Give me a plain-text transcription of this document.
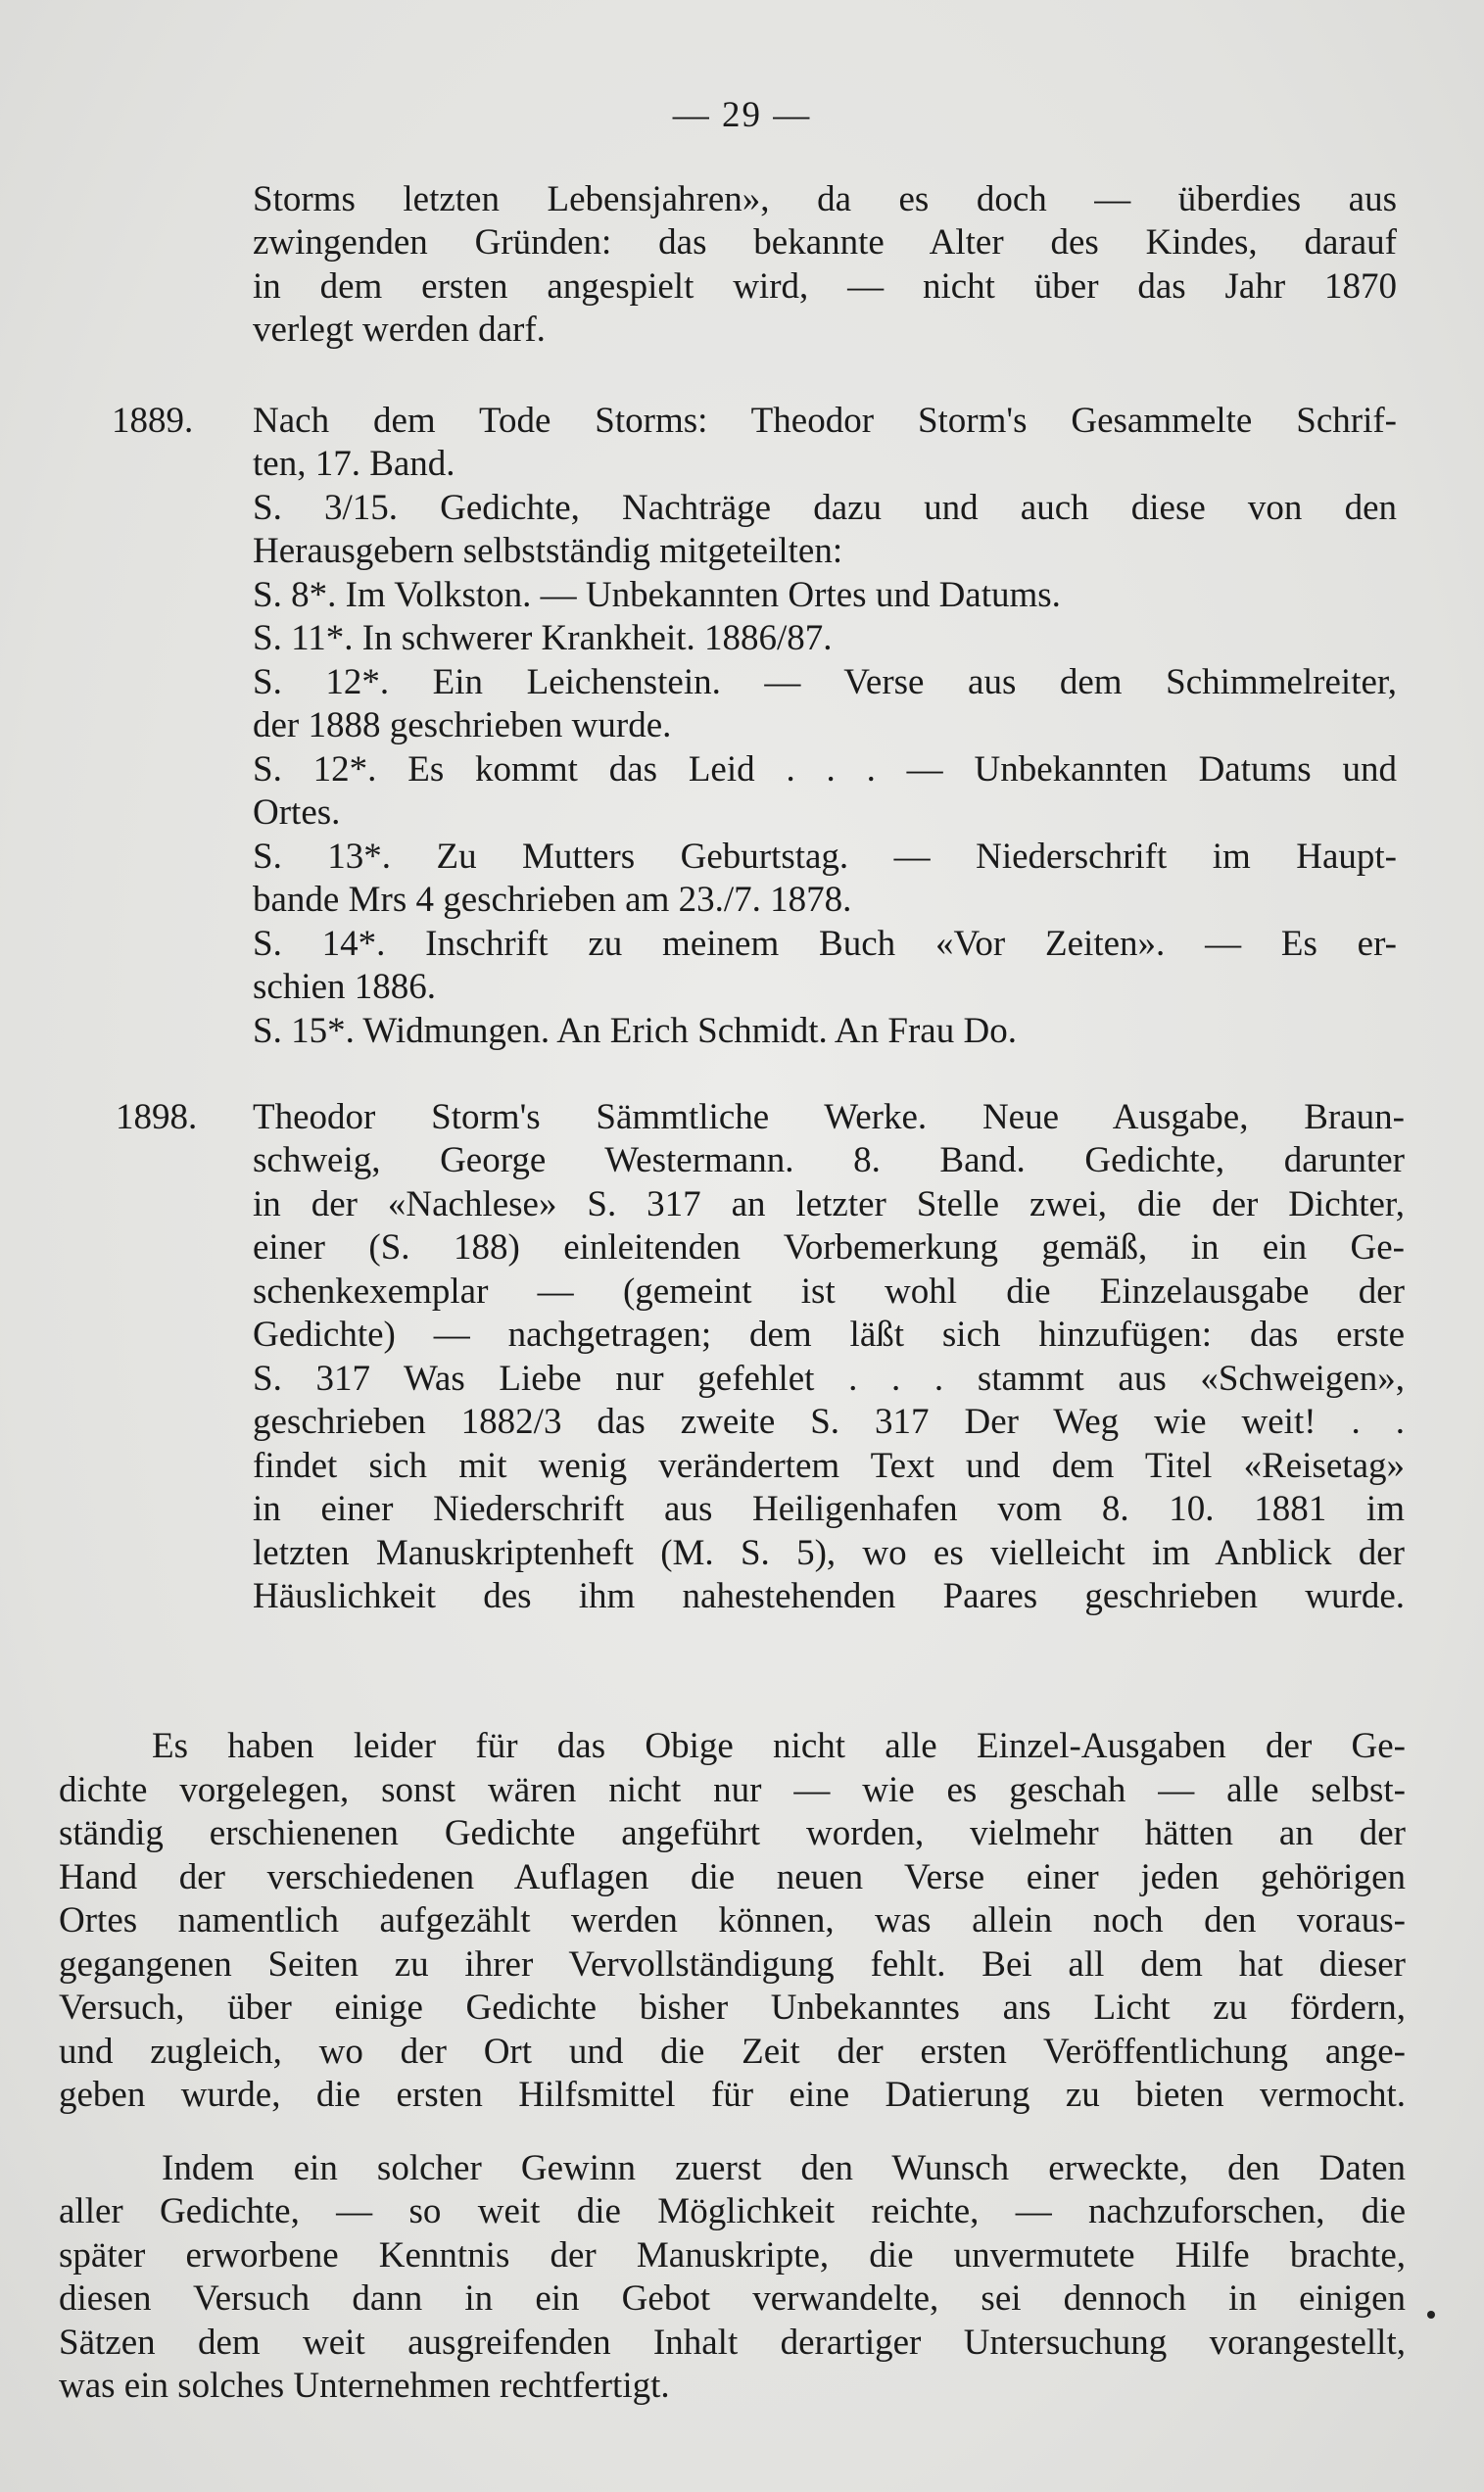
— 29 —
Storms letzten Lebensjahren», da es doch — überdies aus
zwingenden Gründen: das bekannte Alter des Kindes, darauf
in dem ersten angespielt wird, — nicht über das Jahr 1870
verlegt werden darf.
1889. Nach dem Tode Storms: Theodor Storm's Gesammelte Schrif-
ten, 17. Band.
S. 3/15. Gedichte, Nachträge dazu und auch diese von den
Herausgebern selbstständig mitgeteilten:
S. 8*. Im Volkston. — Unbekannten Ortes und Datums.
S. 11*. In schwerer Krankheit. 1886/87.
S. 12*. Ein Leichenstein. — Verse aus dem Schimmelreiter,
der 1888 geschrieben wurde.
S. 12*. Es kommt das Leid . . . — Unbekannten Datums und
Ortes.
S. 13*. Zu Mutters Geburtstag. — Niederschrift im Haupt-
bande Mrs 4 geschrieben am 23./7. 1878.
S. 14*. Inschrift zu meinem Buch «Vor Zeiten». — Es er-
schien 1886.
S. 15*. Widmungen. An Erich Schmidt. An Frau Do.
1898. Theodor Storm's Sämmtliche Werke. Neue Ausgabe, Braun-
schweig, George Westermann. 8. Band. Gedichte, darunter
in der «Nachlese» S. 317 an letzter Stelle zwei, die der Dichter,
einer (S. 188) einleitenden Vorbemerkung gemäß, in ein Ge-
schenkexemplar — (gemeint ist wohl die Einzelausgabe der
Gedichte) — nachgetragen; dem läßt sich hinzufügen: das erste
S. 317 Was Liebe nur gefehlet . . . stammt aus «Schweigen»,
geschrieben 1882/3 das zweite S. 317 Der Weg wie weit! . .
findet sich mit wenig verändertem Text und dem Titel «Reisetag»
in einer Niederschrift aus Heiligenhafen vom 8. 10. 1881 im
letzten Manuskriptenheft (M. S. 5), wo es vielleicht im Anblick der
Häuslichkeit des ihm nahestehenden Paares geschrieben wurde.
Es haben leider für das Obige nicht alle Einzel-Ausgaben der Ge-
dichte vorgelegen, sonst wären nicht nur — wie es geschah — alle selbst-
ständig erschienenen Gedichte angeführt worden, vielmehr hätten an der
Hand der verschiedenen Auflagen die neuen Verse einer jeden gehörigen
Ortes namentlich aufgezählt werden können, was allein noch den voraus-
gegangenen Seiten zu ihrer Vervollständigung fehlt. Bei all dem hat dieser
Versuch, über einige Gedichte bisher Unbekanntes ans Licht zu fördern,
und zugleich, wo der Ort und die Zeit der ersten Veröffentlichung ange-
geben wurde, die ersten Hilfsmittel für eine Datierung zu bieten vermocht.
Indem ein solcher Gewinn zuerst den Wunsch erweckte, den Daten
aller Gedichte, — so weit die Möglichkeit reichte, — nachzuforschen, die
später erworbene Kenntnis der Manuskripte, die unvermutete Hilfe brachte,
diesen Versuch dann in ein Gebot verwandelte, sei dennoch in einigen
Sätzen dem weit ausgreifenden Inhalt derartiger Untersuchung vorangestellt,
was ein solches Unternehmen rechtfertigt.
